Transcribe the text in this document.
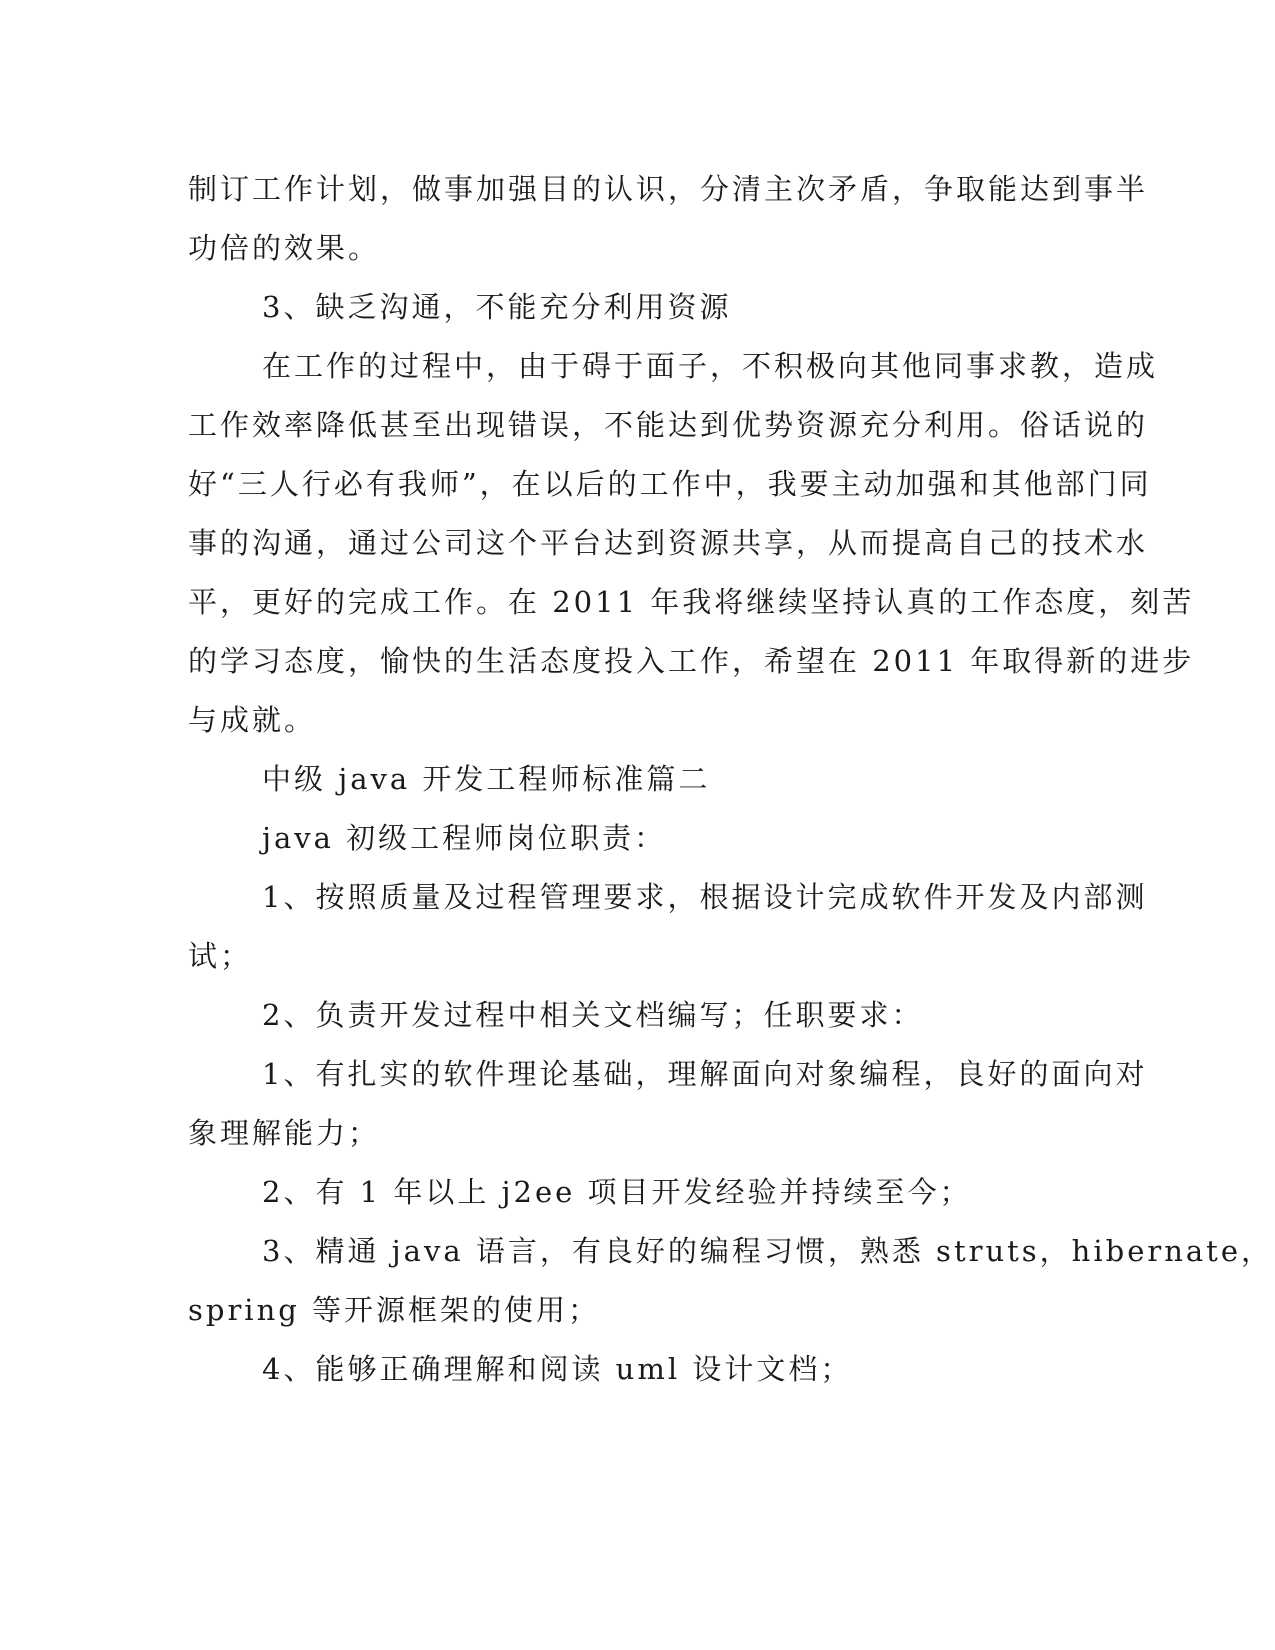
制订工作计划，做事加强目的认识，分清主次矛盾，争取能达到事半
功倍的效果。
3、缺乏沟通，不能充分利用资源
在工作的过程中，由于碍于面子，不积极向其他同事求教，造成
工作效率降低甚至出现错误，不能达到优势资源充分利用。俗话说的
好“三人行必有我师”，在以后的工作中，我要主动加强和其他部门同
事的沟通，通过公司这个平台达到资源共享，从而提高自己的技术水
平，更好的完成工作。在 2011 年我将继续坚持认真的工作态度，刻苦
的学习态度，愉快的生活态度投入工作，希望在 2011 年取得新的进步
与成就。
中级 java 开发工程师标准篇二
java 初级工程师岗位职责：
1、按照质量及过程管理要求，根据设计完成软件开发及内部测
试；
2、负责开发过程中相关文档编写；任职要求：
1、有扎实的软件理论基础，理解面向对象编程，良好的面向对
象理解能力；
2、有 1 年以上 j2ee 项目开发经验并持续至今；
3、精通 java 语言，有良好的编程习惯，熟悉 struts，hibernate，
spring 等开源框架的使用；
4、能够正确理解和阅读 uml 设计文档；
